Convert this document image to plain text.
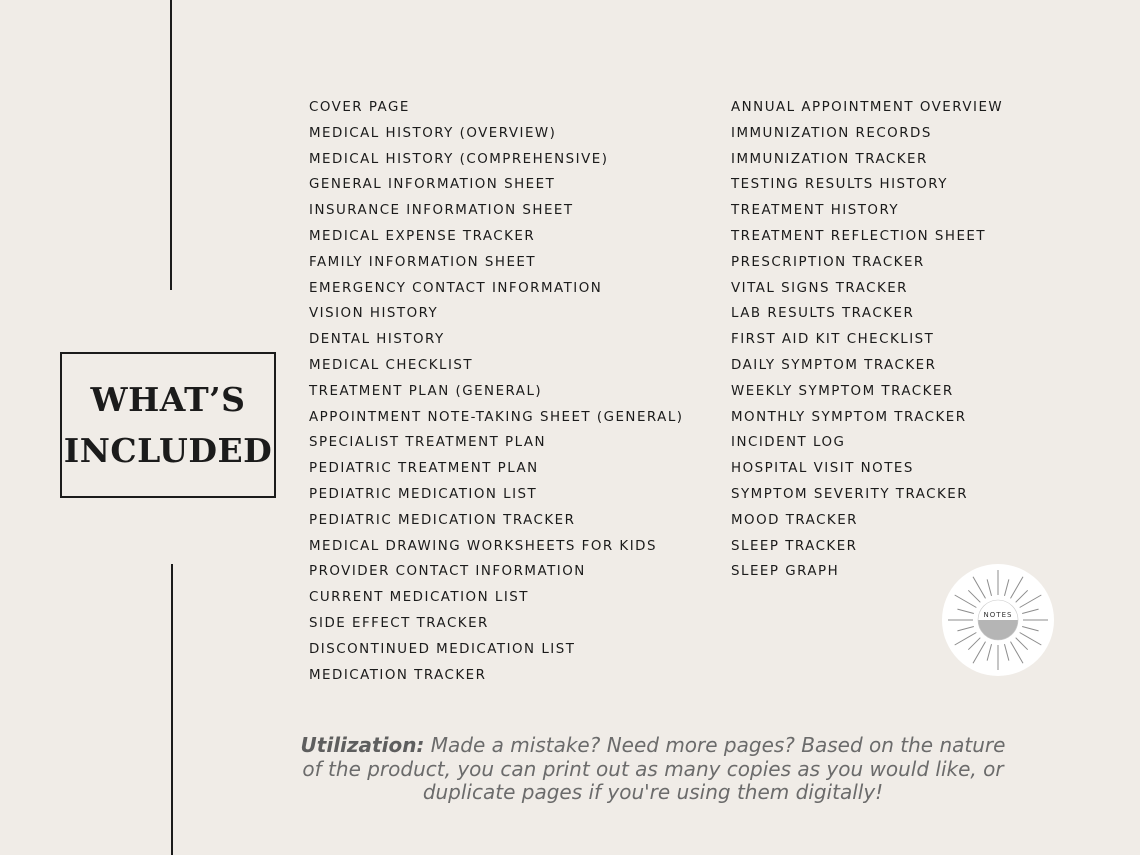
WHAT’S
INCLUDED
COVER PAGE
MEDICAL HISTORY (OVERVIEW)
MEDICAL HISTORY (COMPREHENSIVE)
GENERAL INFORMATION SHEET
INSURANCE INFORMATION SHEET
MEDICAL EXPENSE TRACKER
FAMILY INFORMATION SHEET
EMERGENCY CONTACT INFORMATION
VISION HISTORY
DENTAL HISTORY
MEDICAL CHECKLIST
TREATMENT PLAN (GENERAL)
APPOINTMENT NOTE-TAKING SHEET (GENERAL)
SPECIALIST TREATMENT PLAN
PEDIATRIC TREATMENT PLAN
PEDIATRIC MEDICATION LIST
PEDIATRIC MEDICATION TRACKER
MEDICAL DRAWING WORKSHEETS FOR KIDS
PROVIDER CONTACT INFORMATION
CURRENT MEDICATION LIST
SIDE EFFECT TRACKER
DISCONTINUED MEDICATION LIST
MEDICATION TRACKER
ANNUAL APPOINTMENT OVERVIEW
IMMUNIZATION RECORDS
IMMUNIZATION TRACKER
TESTING RESULTS HISTORY
TREATMENT HISTORY
TREATMENT REFLECTION SHEET
PRESCRIPTION TRACKER
VITAL SIGNS TRACKER
LAB RESULTS TRACKER
FIRST AID KIT CHECKLIST
DAILY SYMPTOM TRACKER
WEEKLY SYMPTOM TRACKER
MONTHLY SYMPTOM TRACKER
INCIDENT LOG
HOSPITAL VISIT NOTES
SYMPTOM SEVERITY TRACKER
MOOD TRACKER
SLEEP TRACKER
SLEEP GRAPH
NOTES
Utilization: Made a mistake? Need more pages? Based on the nature of the product, you can print out as many copies as you would like, or duplicate pages if you're using them digitally!
